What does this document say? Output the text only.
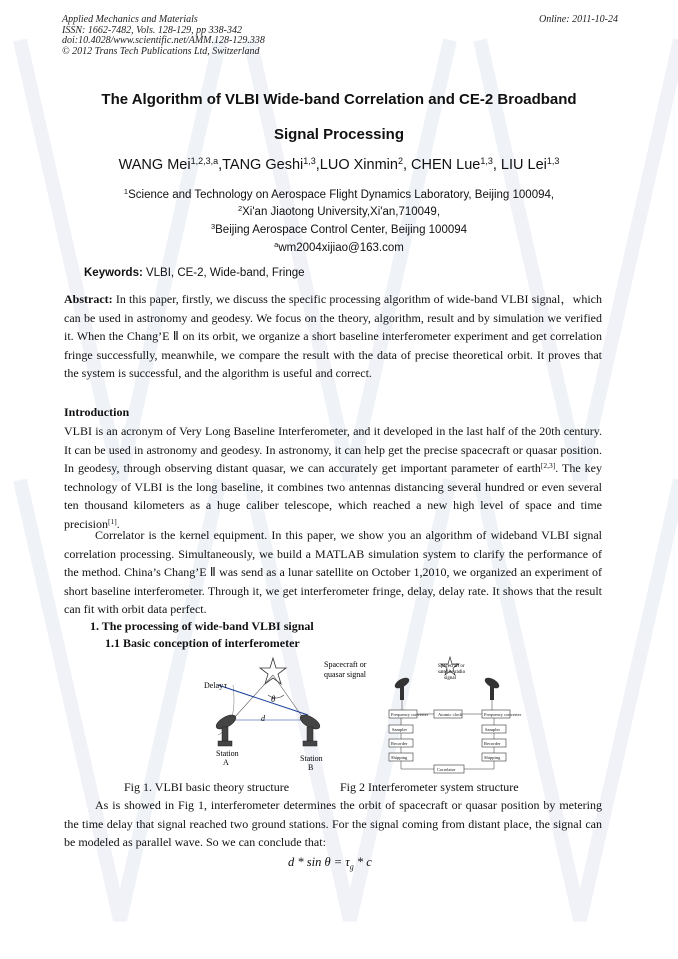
Applied Mechanics and Materials
ISSN: 1662-7482, Vols. 128-129, pp 338-342
doi:10.4028/www.scientific.net/AMM.128-129.338
© 2012 Trans Tech Publications Ltd, Switzerland
Online: 2011-10-24
The Algorithm of VLBI Wide-band Correlation and CE-2 Broadband
Signal Processing
WANG Mei$^{1,2,3,a}$,TANG Geshi$^{1,3}$,LUO Xinmin$^2$, CHEN Lue$^{1,3}$, LIU Lei$^{1,3}$
$^1$Science and Technology on Aerospace Flight Dynamics Laboratory, Beijing 100094,
$^2$Xi'an Jiaotong University,Xi'an,710049,
$^3$Beijing Aerospace Control Center, Beijing 100094
$^a$wm2004xijiao@163.com
Keywords: VLBI, CE-2, Wide-band, Fringe
Abstract: In this paper, firstly, we discuss the specific processing algorithm of wide-band VLBI signal，which can be used in astronomy and geodesy. We focus on the theory, algorithm, result and by simulation we verified it. When the Chang’E Ⅱ on its orbit, we organize a short baseline interferometer experiment and get correlation fringe successfully, meanwhile, we compare the result with the data of precise theoretical orbit. It proves that the system is successful, and the algorithm is useful and correct.
Introduction
VLBI is an acronym of Very Long Baseline Interferometer, and it developed in the last half of the 20th century. It can be used in astronomy and geodesy. In astronomy, it can help get the precise spacecraft or quasar position. In geodesy, through observing distant quasar, we can accurately get important parameter of earth[2,3]. The key technology of VLBI is the long baseline, it combines two antennas distancing several hundred or even several ten thousand kilometers as a huge caliber telescope, which reached a new high level of space and time precision[1].
Correlator is the kernel equipment. In this paper, we show you an algorithm of wideband VLBI signal correlation processing. Simultaneously, we build a MATLAB simulation system to clarify the performance of the method. China’s Chang’E Ⅱ was send as a lunar satellite on October 1,2010, we organized an experiment of short baseline interferometer. Through it, we get interferometer fringe, delay, delay rate. It shows that the result can fit with orbit data perfect.
1. The processing of wide-band VLBI signal
1.1 Basic conception of interferometer
θ
d
Delay τ
Spacecraft or
quasar signal
Station
A	Station
B
Spacecraft or
satellite radio
signal
Frequency converter Atomic clock	Frequency converter
Sampler	Sampler
Recorder	Recorder
Shipping	Shipping
Correlator
Fig 1. VLBI basic theory structure	Fig 2 Interferometer system structure
As is showed in Fig 1, interferometer determines the orbit of spacecraft or quasar position by metering the time delay that signal reached two ground stations. For the signal coming from distant place, the signal can be modeled as parallel wave. So we can conclude that:
$d * \sin \theta = \tau_g * c$
